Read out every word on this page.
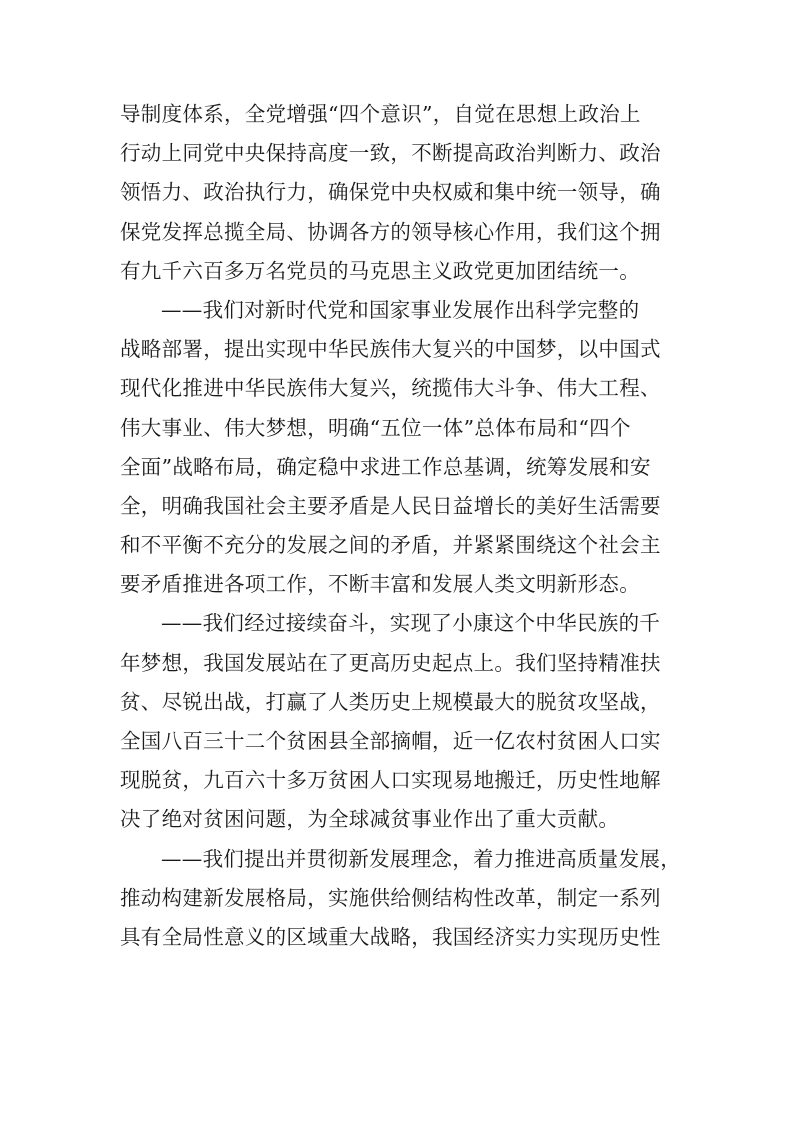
导制度体系，全党增强“四个意识”，自觉在思想上政治上
行动上同党中央保持高度一致，不断提高政治判断力、政治
领悟力、政治执行力，确保党中央权威和集中统一领导，确
保党发挥总揽全局、协调各方的领导核心作用，我们这个拥
有九千六百多万名党员的马克思主义政党更加团结统一。
——我们对新时代党和国家事业发展作出科学完整的
战略部署，提出实现中华民族伟大复兴的中国梦，以中国式
现代化推进中华民族伟大复兴，统揽伟大斗争、伟大工程、
伟大事业、伟大梦想，明确“五位一体”总体布局和“四个
全面”战略布局，确定稳中求进工作总基调，统筹发展和安
全，明确我国社会主要矛盾是人民日益增长的美好生活需要
和不平衡不充分的发展之间的矛盾，并紧紧围绕这个社会主
要矛盾推进各项工作，不断丰富和发展人类文明新形态。
——我们经过接续奋斗，实现了小康这个中华民族的千
年梦想，我国发展站在了更高历史起点上。我们坚持精准扶
贫、尽锐出战，打赢了人类历史上规模最大的脱贫攻坚战，
全国八百三十二个贫困县全部摘帽，近一亿农村贫困人口实
现脱贫，九百六十多万贫困人口实现易地搬迁，历史性地解
决了绝对贫困问题，为全球减贫事业作出了重大贡献。
——我们提出并贯彻新发展理念，着力推进高质量发展，
推动构建新发展格局，实施供给侧结构性改革，制定一系列
具有全局性意义的区域重大战略，我国经济实力实现历史性
